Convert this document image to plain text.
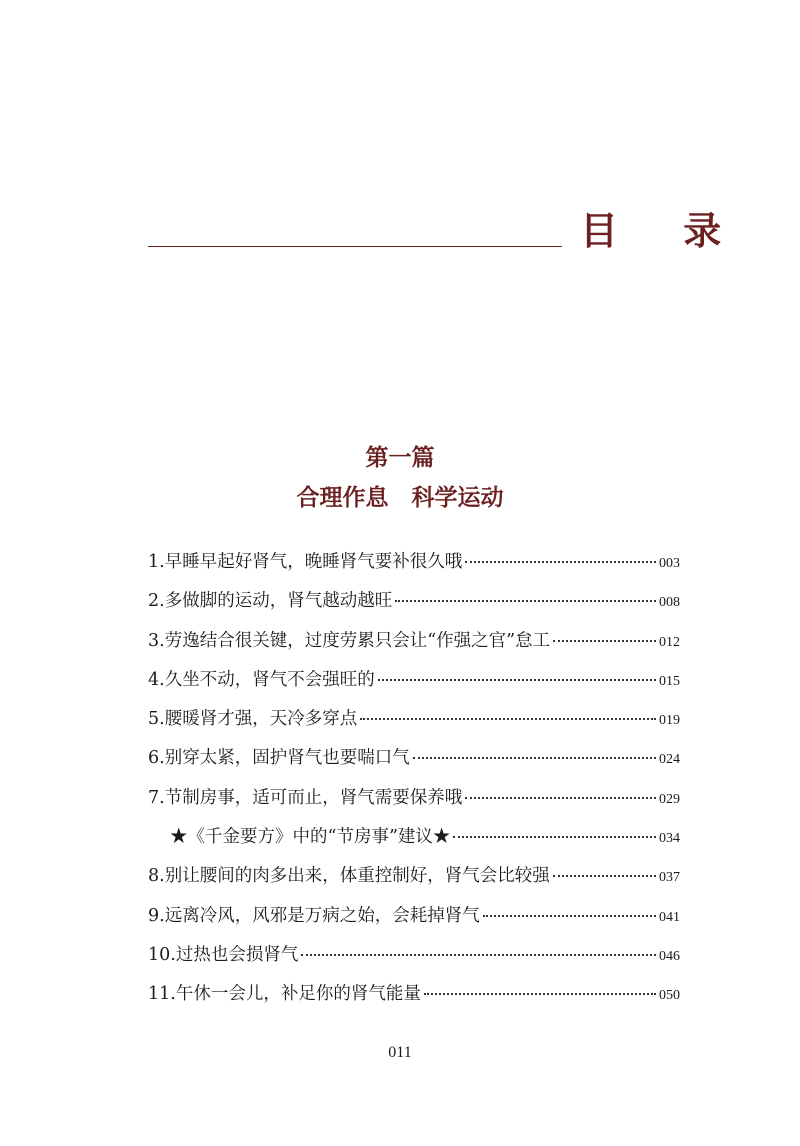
目 录
第一篇
合理作息　科学运动
1. 早睡早起好肾气，晚睡肾气要补很久哦	003
2. 多做脚的运动，肾气越动越旺	008
3. 劳逸结合很关键，过度劳累只会让“作强之官”怠工	012
4. 久坐不动，肾气不会强旺的	015
5. 腰暖肾才强，天冷多穿点	019
6. 别穿太紧，固护肾气也要喘口气	024
7. 节制房事，适可而止，肾气需要保养哦	029
★《千金要方》中的“节房事”建议★	034
8. 别让腰间的肉多出来，体重控制好，肾气会比较强	037
9. 远离冷风，风邪是万病之始，会耗掉肾气	041
10. 过热也会损肾气	046
11. 午休一会儿，补足你的肾气能量	050
011
